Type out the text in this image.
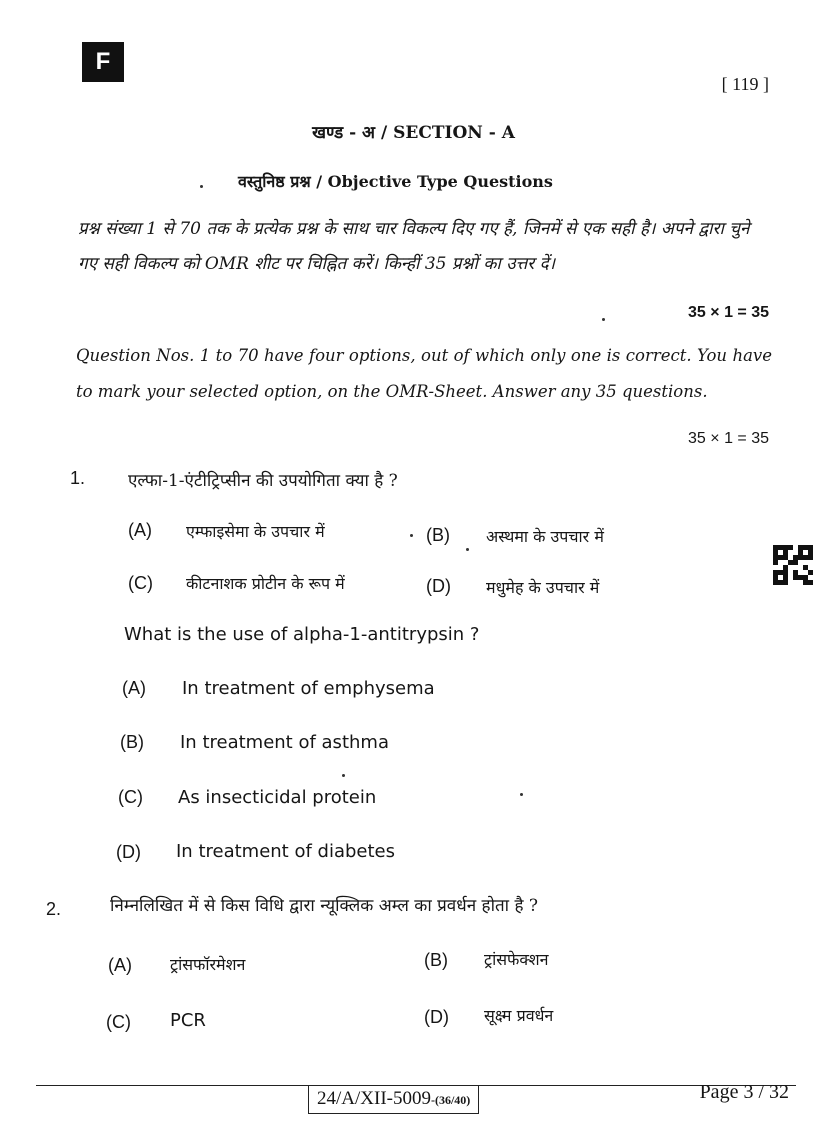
F
[ 119 ]
खण्ड - अ / SECTION - A
वस्तुनिष्ठ प्रश्न / Objective Type Questions
प्रश्न संख्या 1 से 70 तक के प्रत्येक प्रश्न के साथ चार विकल्प दिए गए हैं, जिनमें से एक सही है। अपने द्वारा चुने गए सही विकल्प को OMR शीट पर चिह्नित करें। किन्हीं 35 प्रश्नों का उत्तर दें।
35 × 1 = 35
Question Nos. 1 to 70 have four options, out of which only one is correct. You have to mark your selected option, on the OMR-Sheet. Answer any 35 questions.
35 × 1 = 35
1.	एल्फा-1-एंटीट्रिप्सीन की उपयोगिता क्या है ?
(A) एम्फाइसेमा के उपचार में	(B) अस्थमा के उपचार में
(C) कीटनाशक प्रोटीन के रूप में	(D) मधुमेह के उपचार में
What is the use of alpha-1-antitrypsin ?
(A) In treatment of emphysema
(B) In treatment of asthma
(C) As insecticidal protein
(D) In treatment of diabetes
2.	निम्नलिखित में से किस विधि द्वारा न्यूक्लिक अम्ल का प्रवर्धन होता है ?
(A) ट्रांसफॉरमेशन	(B) ट्रांसफेक्शन
(C) PCR	(D) सूक्ष्म प्रवर्धन
24/A/XII-5009-(36/40)	Page 3 / 32
